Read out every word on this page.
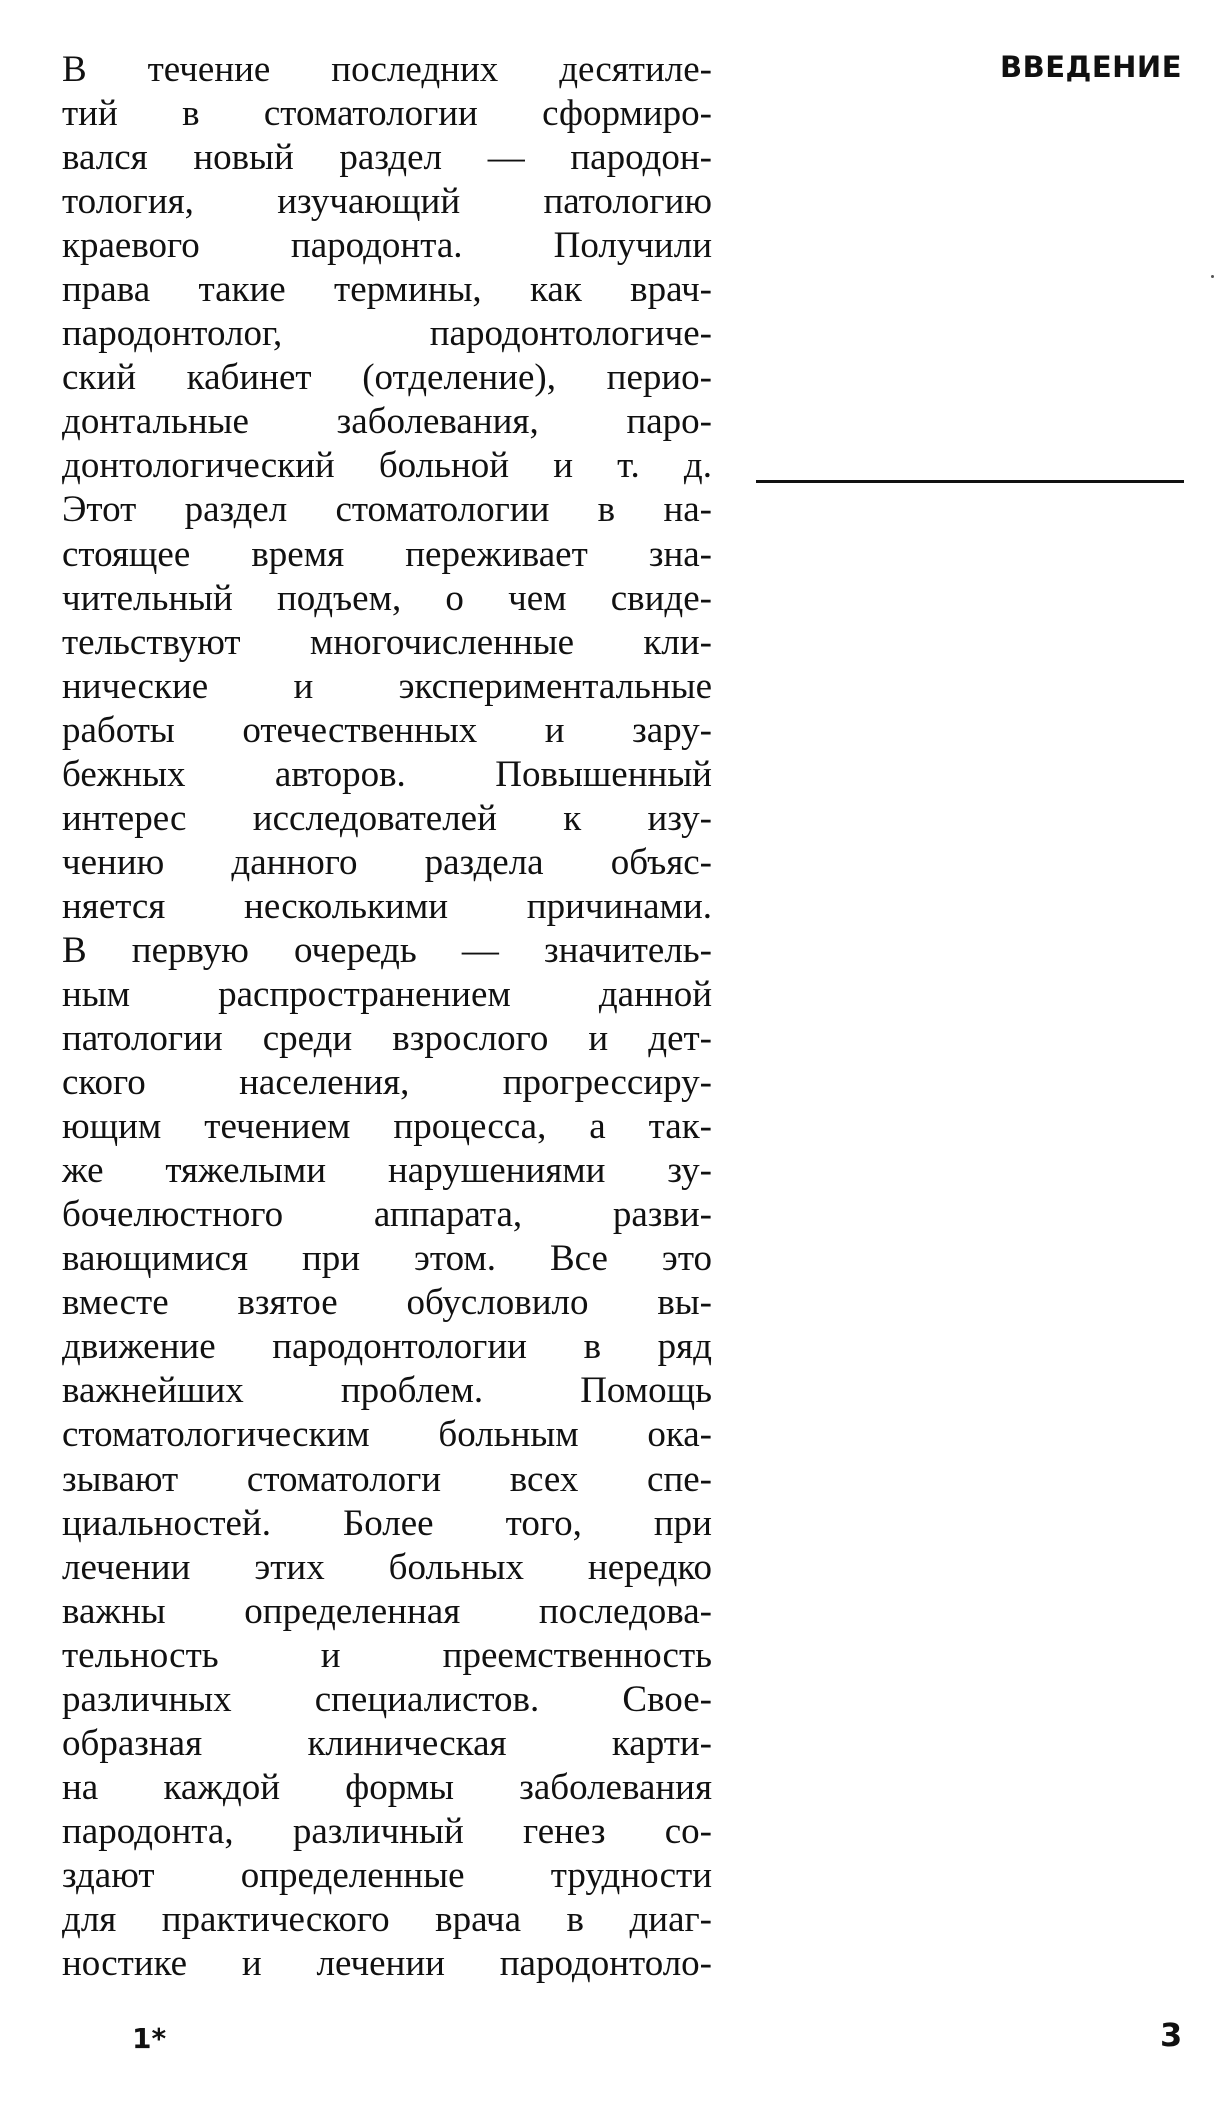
ВВЕДЕНИЕ
В течение последних десятиле-
тий в стоматологии сформиро-
вался новый раздел — пародон-
тология, изучающий патологию
краевого пародонта. Получили
права такие термины, как врач-
пародонтолог, пародонтологиче-
ский кабинет (отделение), перио-
донтальные заболевания, паро-
донтологический больной и т. д.
Этот раздел стоматологии в на-
стоящее время переживает зна-
чительный подъем, о чем свиде-
тельствуют многочисленные кли-
нические и экспериментальные
работы отечественных и зару-
бежных авторов. Повышенный
интерес исследователей к изу-
чению данного раздела объяс-
няется несколькими причинами.
В первую очередь — значитель-
ным распространением данной
патологии среди взрослого и дет-
ского населения, прогрессиру-
ющим течением процесса, а так-
же тяжелыми нарушениями зу-
бочелюстного аппарата, разви-
вающимися при этом. Все это
вместе взятое обусловило вы-
движение пародонтологии в ряд
важнейших проблем. Помощь
стоматологическим больным ока-
зывают стоматологи всех спе-
циальностей. Более того, при
лечении этих больных нередко
важны определенная последова-
тельность и преемственность
различных специалистов. Свое-
образная клиническая карти-
на каждой формы заболевания
пародонта, различный генез со-
здают определенные трудности
для практического врача в диаг-
ностике и лечении пародонтоло-
1*	3
